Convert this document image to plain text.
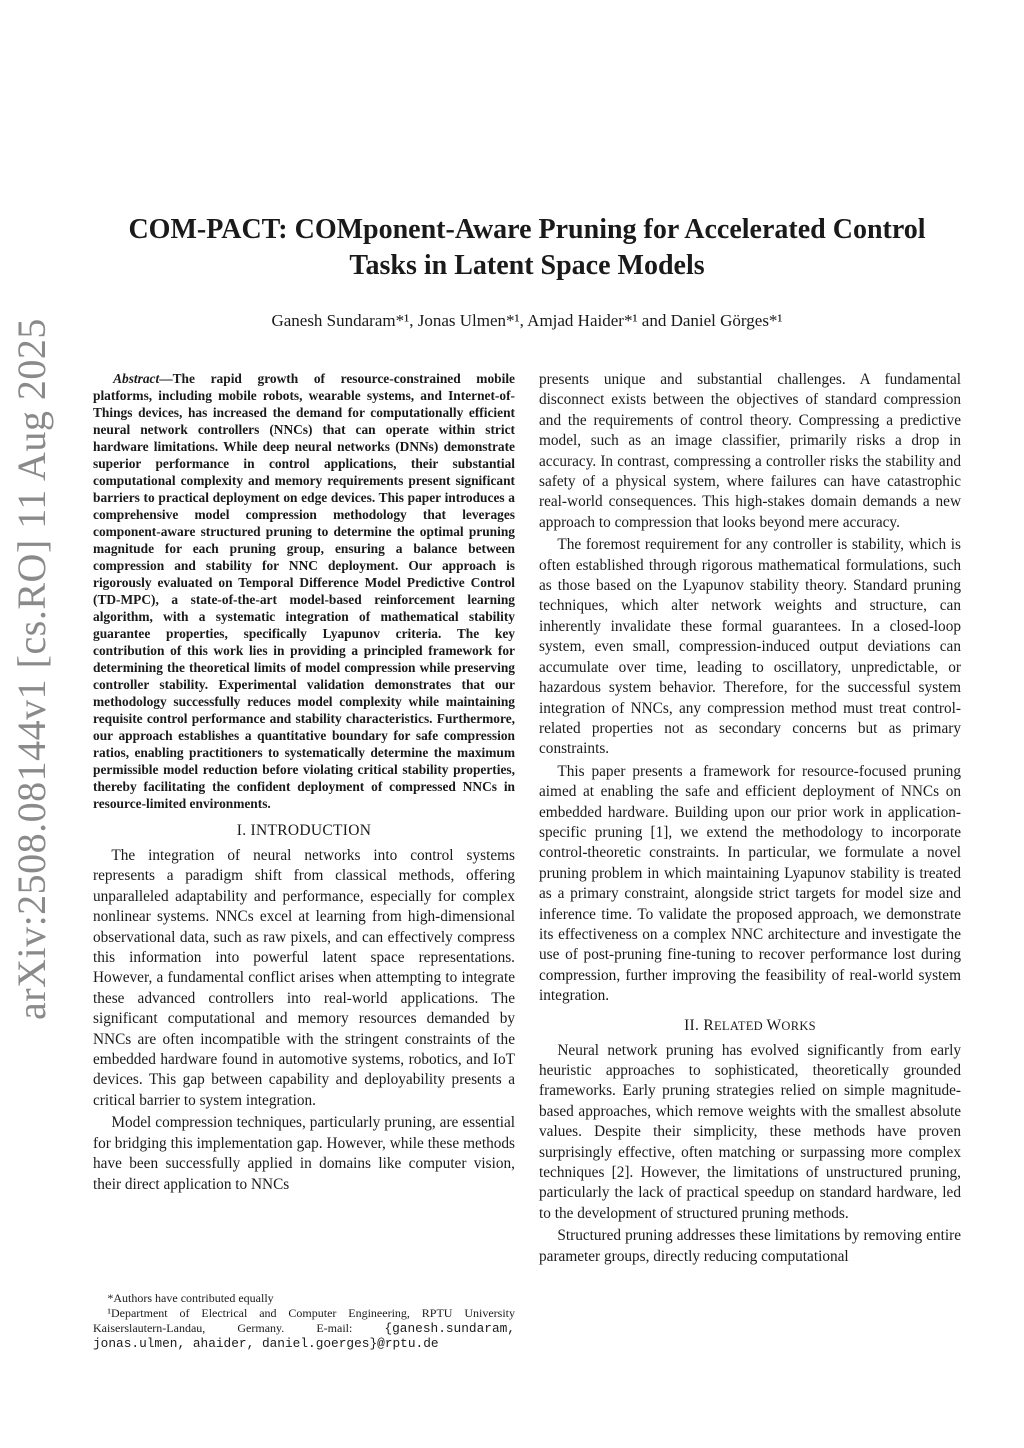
arXiv:2508.08144v1 [cs.RO] 11 Aug 2025
COM-PACT: COMponent-Aware Pruning for Accelerated Control
Tasks in Latent Space Models
Ganesh Sundaram*¹, Jonas Ulmen*¹, Amjad Haider*¹ and Daniel Görges*¹

Abstract—The rapid growth of resource-constrained mobile platforms, including mobile robots, wearable systems, and Internet-of-Things devices, has increased the demand for computationally efficient neural network controllers (NNCs) that can operate within strict hardware limitations. While deep neural networks (DNNs) demonstrate superior performance in control applications, their substantial computational complexity and memory requirements present significant barriers to practical deployment on edge devices. This paper introduces a comprehensive model compression methodology that leverages component-aware structured pruning to determine the optimal pruning magnitude for each pruning group, ensuring a balance between compression and stability for NNC deployment. Our approach is rigorously evaluated on Temporal Difference Model Predictive Control (TD-MPC), a state-of-the-art model-based reinforcement learning algorithm, with a systematic integration of mathematical stability guarantee properties, specifically Lyapunov criteria. The key contribution of this work lies in providing a principled framework for determining the theoretical limits of model compression while preserving controller stability. Experimental validation demonstrates that our methodology successfully reduces model complexity while maintaining requisite control performance and stability characteristics. Furthermore, our approach establishes a quantitative boundary for safe compression ratios, enabling practitioners to systematically determine the maximum permissible model reduction before violating critical stability properties, thereby facilitating the confident deployment of compressed NNCs in resource-limited environments.

I. INTRODUCTION

The integration of neural networks into control systems represents a paradigm shift from classical methods, offering unparalleled adaptability and performance, especially for complex nonlinear systems. NNCs excel at learning from high-dimensional observational data, such as raw pixels, and can effectively compress this information into powerful latent space representations. However, a fundamental conflict arises when attempting to integrate these advanced controllers into real-world applications. The significant computational and memory resources demanded by NNCs are often incompatible with the stringent constraints of the embedded hardware found in automotive systems, robotics, and IoT devices. This gap between capability and deployability presents a critical barrier to system integration.

Model compression techniques, particularly pruning, are essential for bridging this implementation gap. However, while these methods have been successfully applied in domains like computer vision, their direct application to NNCs

presents unique and substantial challenges. A fundamental disconnect exists between the objectives of standard compression and the requirements of control theory. Compressing a predictive model, such as an image classifier, primarily risks a drop in accuracy. In contrast, compressing a controller risks the stability and safety of a physical system, where failures can have catastrophic real-world consequences. This high-stakes domain demands a new approach to compression that looks beyond mere accuracy.

The foremost requirement for any controller is stability, which is often established through rigorous mathematical formulations, such as those based on the Lyapunov stability theory. Standard pruning techniques, which alter network weights and structure, can inherently invalidate these formal guarantees. In a closed-loop system, even small, compression-induced output deviations can accumulate over time, leading to oscillatory, unpredictable, or hazardous system behavior. Therefore, for the successful system integration of NNCs, any compression method must treat control-related properties not as secondary concerns but as primary constraints.

This paper presents a framework for resource-focused pruning aimed at enabling the safe and efficient deployment of NNCs on embedded hardware. Building upon our prior work in application-specific pruning [1], we extend the methodology to incorporate control-theoretic constraints. In particular, we formulate a novel pruning problem in which maintaining Lyapunov stability is treated as a primary constraint, alongside strict targets for model size and inference time. To validate the proposed approach, we demonstrate its effectiveness on a complex NNC architecture and investigate the use of post-pruning fine-tuning to recover performance lost during compression, further improving the feasibility of real-world system integration.

II. RELATED WORKS

Neural network pruning has evolved significantly from early heuristic approaches to sophisticated, theoretically grounded frameworks. Early pruning strategies relied on simple magnitude-based approaches, which remove weights with the smallest absolute values. Despite their simplicity, these methods have proven surprisingly effective, often matching or surpassing more complex techniques [2]. However, the limitations of unstructured pruning, particularly the lack of practical speedup on standard hardware, led to the development of structured pruning methods.

Structured pruning addresses these limitations by removing entire parameter groups, directly reducing computational

*Authors have contributed equally

¹Department of Electrical and Computer Engineering, RPTU University Kaiserslautern-Landau, Germany. E-mail: {ganesh.sundaram, jonas.ulmen, ahaider, daniel.goerges}@rptu.de
